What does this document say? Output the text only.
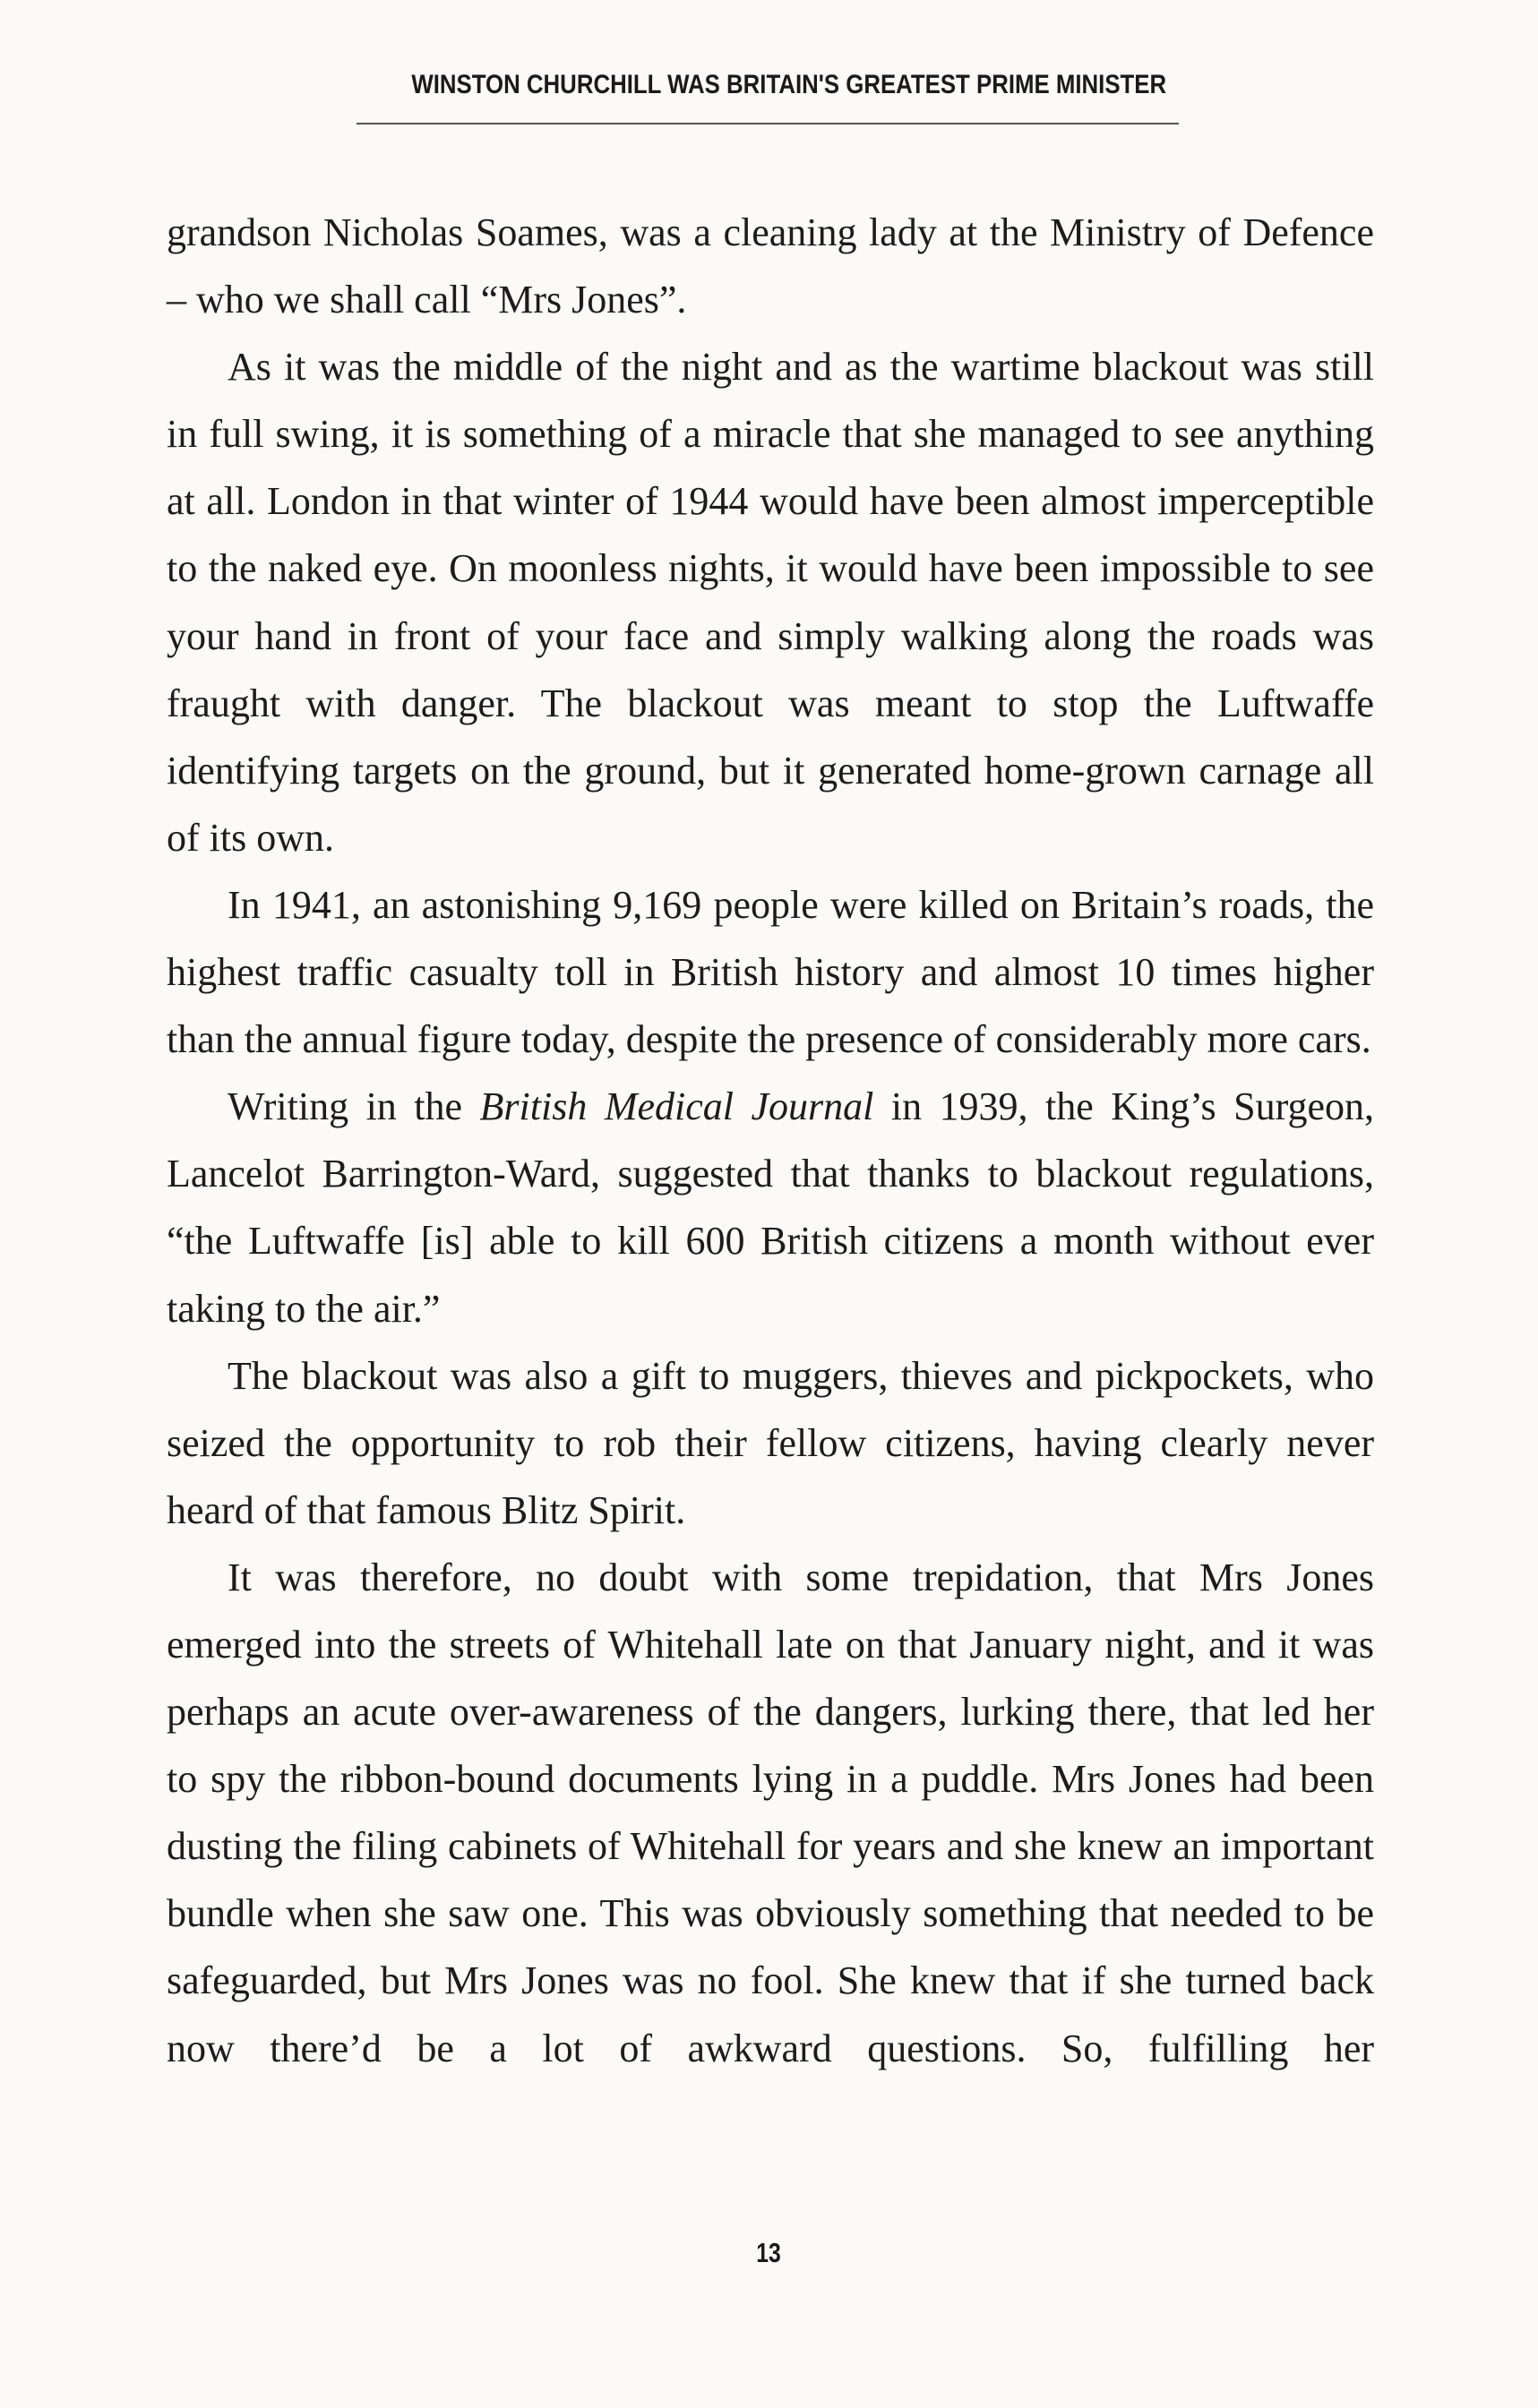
WINSTON CHURCHILL WAS BRITAIN'S GREATEST PRIME MINISTER

grandson Nicholas Soames, was a cleaning lady at the Ministry of Defence – who we shall call “Mrs Jones”.

As it was the middle of the night and as the wartime blackout was still in full swing, it is something of a miracle that she managed to see anything at all. London in that winter of 1944 would have been almost imperceptible to the naked eye. On moonless nights, it would have been impossible to see your hand in front of your face and simply walking along the roads was fraught with danger. The blackout was meant to stop the Luftwaffe identifying targets on the ground, but it generated home-grown carnage all of its own.

In 1941, an astonishing 9,169 people were killed on Britain’s roads, the highest traffic casualty toll in British history and almost 10 times higher than the annual figure today, despite the presence of considerably more cars.

Writing in the British Medical Journal in 1939, the King’s Surgeon, Lancelot Barrington-Ward, suggested that thanks to blackout regulations, “the Luftwaffe [is] able to kill 600 British citizens a month without ever taking to the air.”

The blackout was also a gift to muggers, thieves and pickpockets, who seized the opportunity to rob their fellow citizens, having clearly never heard of that famous Blitz Spirit.

It was therefore, no doubt with some trepidation, that Mrs Jones emerged into the streets of Whitehall late on that January night, and it was perhaps an acute over-awareness of the dangers, lurking there, that led her to spy the ribbon-bound documents lying in a puddle. Mrs Jones had been dusting the filing cabinets of Whitehall for years and she knew an important bundle when she saw one. This was obviously something that needed to be safeguarded, but Mrs Jones was no fool. She knew that if she turned back now there’d be a lot of awkward questions. So, fulfilling her

13
